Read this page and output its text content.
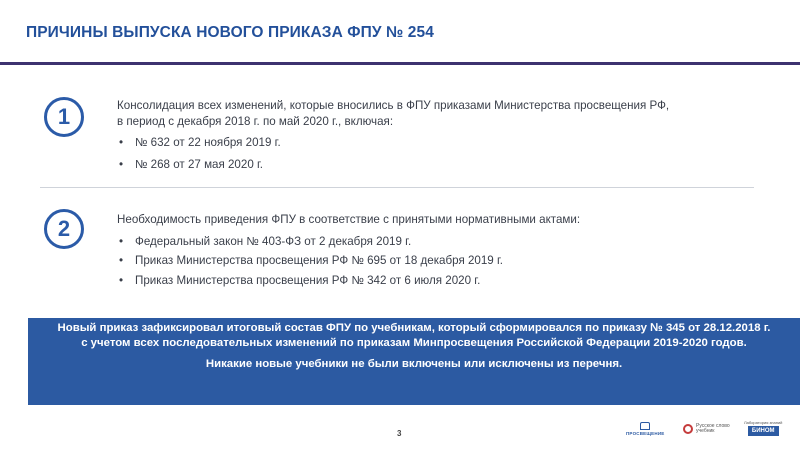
ПРИЧИНЫ ВЫПУСКА НОВОГО ПРИКАЗА ФПУ № 254
1	Консолидация всех изменений, которые вносились в ФПУ приказами Министерства просвещения РФ, в период с декабря 2018 г. по май 2020 г., включая:

• № 632 от 22 ноября 2019 г.
• № 268 от 27 мая 2020 г.
2	Необходимость приведения ФПУ в соответствие с принятыми нормативными актами:

• Федеральный закон № 403-ФЗ от 2 декабря 2019 г.
• Приказ Министерства просвещения РФ № 695 от 18 декабря 2019 г.
• Приказ Министерства просвещения РФ № 342 от 6 июля 2020 г.

Новый приказ зафиксировал итоговый состав ФПУ по учебникам, который сформировался по приказу № 345 от 28.12.2018 г.

с учетом всех последовательных изменений по приказам Минпросвещения Российской Федерации 2019-2020 годов.

Никакие новые учебники не были включены или исключены из перечня.

3	ПРОСВЕЩЕНИЕ
Русское слово учебник
Лаборатория знаний
БИНОМ
